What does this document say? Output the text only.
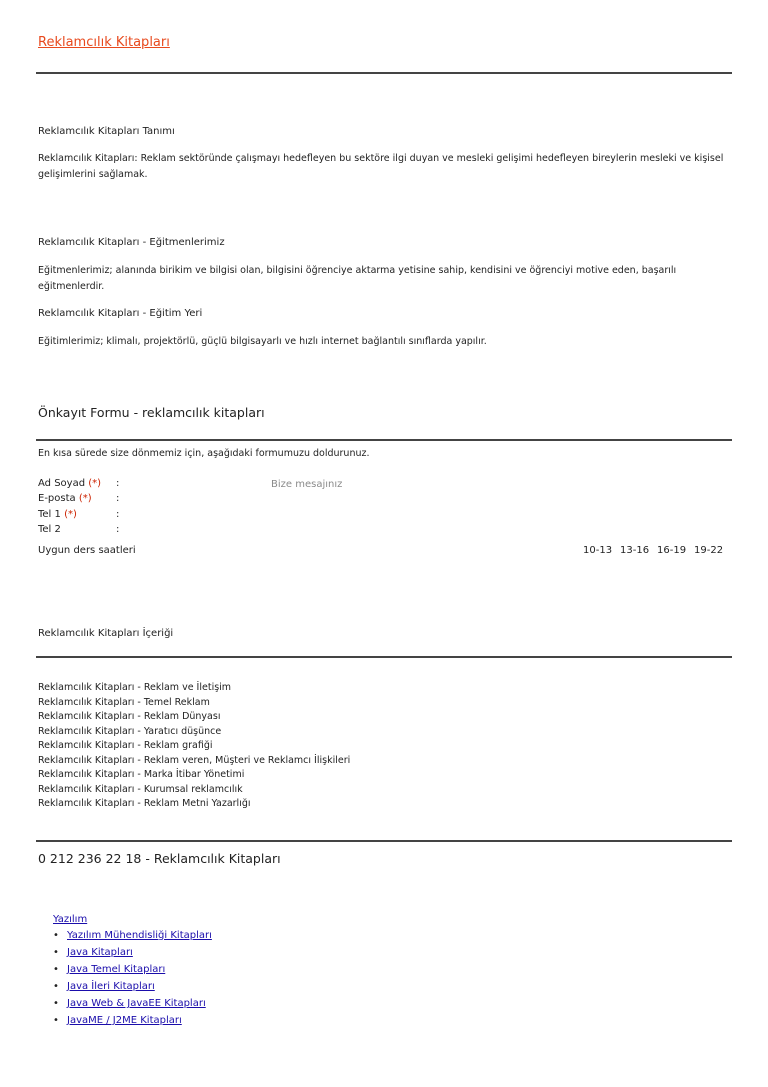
Reklamcılık Kitapları
Reklamcılık Kitapları Tanımı
Reklamcılık Kitapları: Reklam sektöründe çalışmayı hedefleyen bu sektöre ilgi duyan ve mesleki gelişimi hedefleyen bireylerin mesleki ve kişisel gelişimlerini sağlamak.
Reklamcılık Kitapları - Eğitmenlerimiz
Eğitmenlerimiz; alanında birikim ve bilgisi olan, bilgisini öğrenciye aktarma yetisine sahip, kendisini ve öğrenciyi motive eden, başarılı eğitmenlerdir.
Reklamcılık Kitapları - Eğitim Yeri
Eğitimlerimiz; klimalı, projektörlü, güçlü bilgisayarlı ve hızlı internet bağlantılı sınıflarda yapılır.
Önkayıt Formu - reklamcılık kitapları
En kısa sürede size dönmemiz için, aşağıdaki formumuzu doldurunuz.
Ad Soyad (*) :
E-posta (*) :
Tel 1 (*)	:
Tel 2	:
Bize mesajınız
Uygun ders saatleri	10-13 13-16 16-19 19-22
Reklamcılık Kitapları İçeriği
Reklamcılık Kitapları - Reklam ve İletişim
Reklamcılık Kitapları - Temel Reklam
Reklamcılık Kitapları - Reklam Dünyası
Reklamcılık Kitapları - Yaratıcı düşünce
Reklamcılık Kitapları - Reklam grafiği
Reklamcılık Kitapları - Reklam veren, Müşteri ve Reklamcı İlişkileri
Reklamcılık Kitapları - Marka İtibar Yönetimi
Reklamcılık Kitapları - Kurumsal reklamcılık
Reklamcılık Kitapları - Reklam Metni Yazarlığı
0 212 236 22 18 - Reklamcılık Kitapları
Yazılım
• Yazılım Mühendisliği Kitapları
• Java Kitapları
• Java Temel Kitapları
• Java İleri Kitapları
• Java Web & JavaEE Kitapları
• JavaME / J2ME Kitapları
